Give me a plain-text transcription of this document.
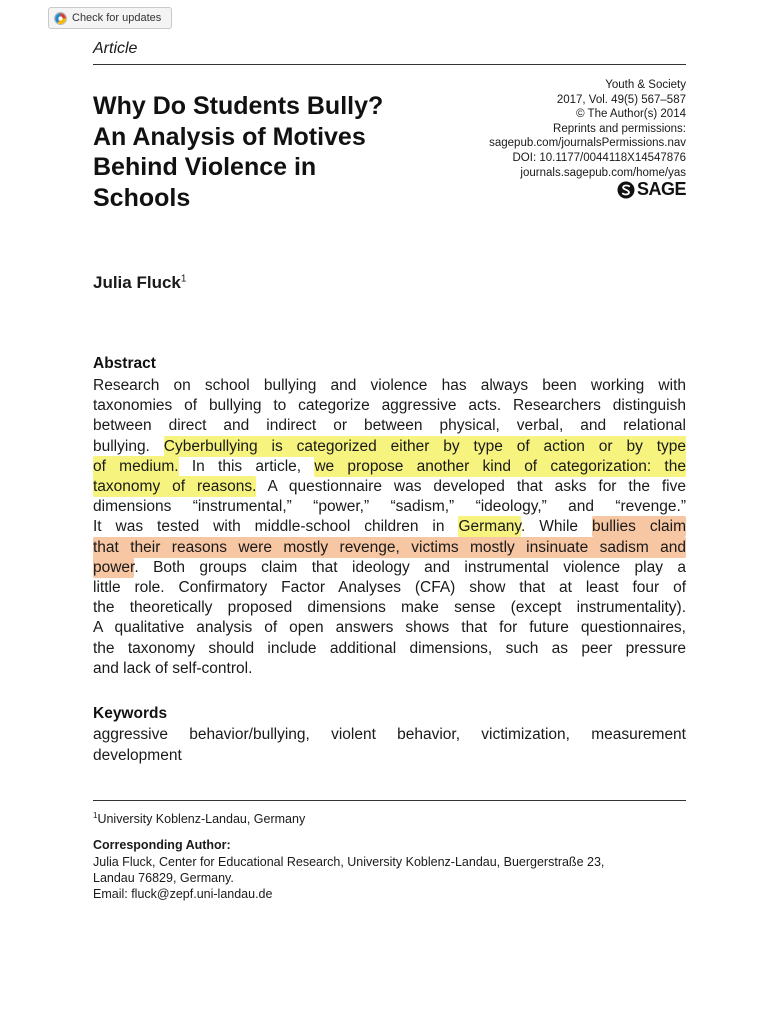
Check for updates
Article
Why Do Students Bully?
An Analysis of Motives
Behind Violence in
Schools
Youth & Society
2017, Vol. 49(5) 567–587
© The Author(s) 2014
Reprints and permissions:
sagepub.com/journalsPermissions.nav
DOI: 10.1177/0044118X14547876
journals.sagepub.com/home/yas
SAGE
Julia Fluck$^1$
Abstract
Research on school bullying and violence has always been working with
taxonomies of bullying to categorize aggressive acts. Researchers distinguish
between direct and indirect or between physical, verbal, and relational
bullying. Cyberbullying is categorized either by type of action or by type
of medium. In this article, we propose another kind of categorization: the
taxonomy of reasons. A questionnaire was developed that asks for the five
dimensions “instrumental,” “power,” “sadism,” “ideology,” and “revenge.”
It was tested with middle-school children in Germany. While bullies claim
that their reasons were mostly revenge, victims mostly insinuate sadism and
power. Both groups claim that ideology and instrumental violence play a
little role. Confirmatory Factor Analyses (CFA) show that at least four of
the theoretically proposed dimensions make sense (except instrumentality).
A qualitative analysis of open answers shows that for future questionnaires,
the taxonomy should include additional dimensions, such as peer pressure
and lack of self-control.
Keywords
aggressive behavior/bullying, violent behavior, victimization, measurement
development
$^1$University Koblenz-Landau, Germany
Corresponding Author:
Julia Fluck, Center for Educational Research, University Koblenz-Landau, Buergerstraße 23,
Landau 76829, Germany.
Email: fluck@zepf.uni-landau.de
